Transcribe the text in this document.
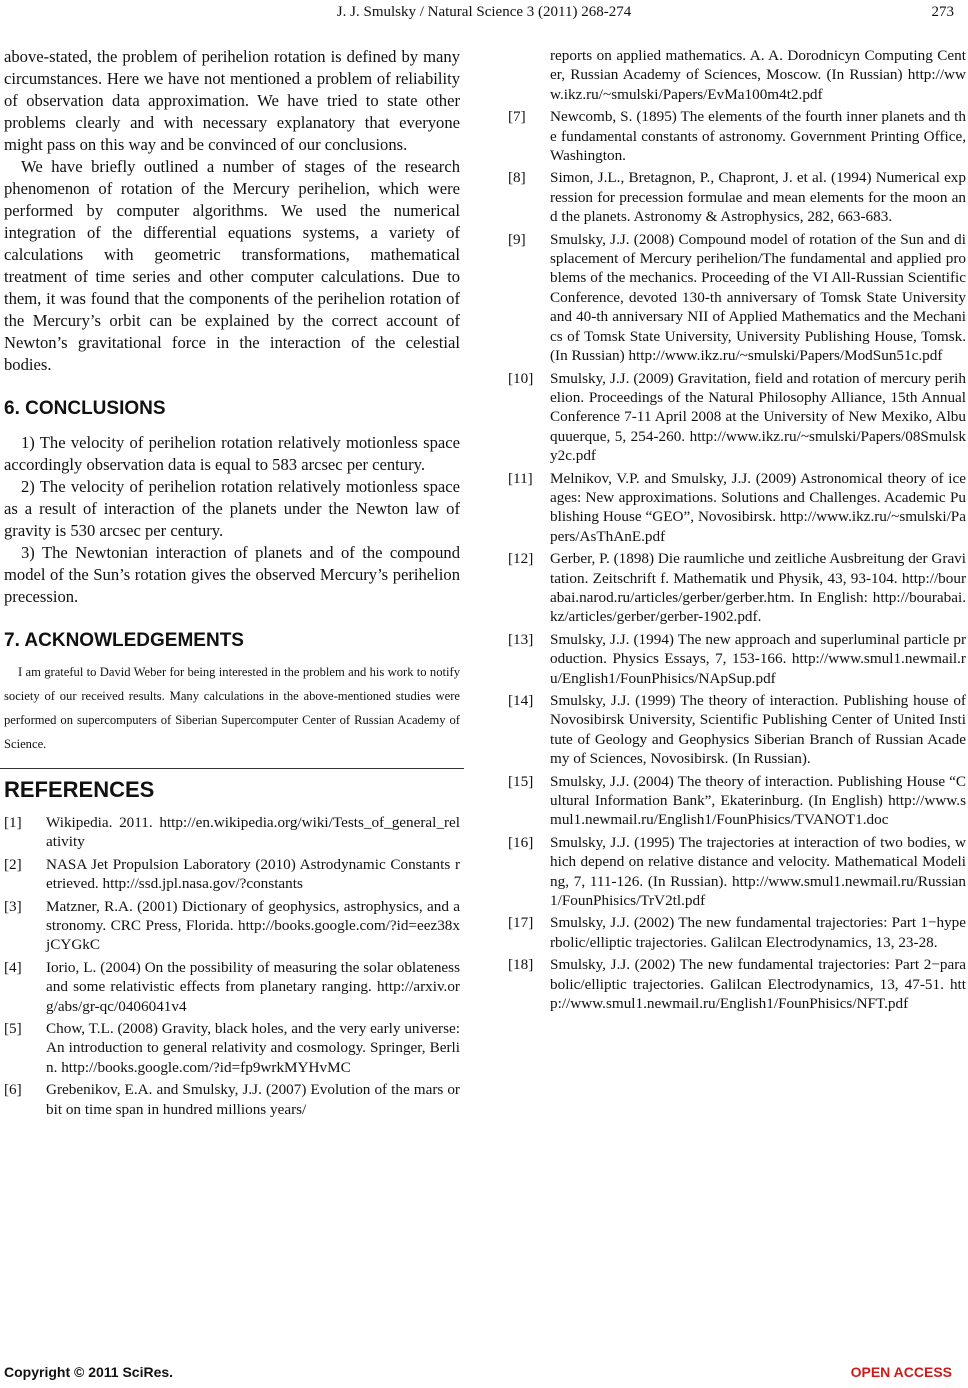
J. J. Smulsky / Natural Science 3 (2011) 268-274	273

above-stated, the problem of perihelion rotation is defined by many circumstances. Here we have not mentioned a problem of reliability of observation data approximation. We have tried to state other problems clearly and with necessary explanatory that everyone might pass on this way and be convinced of our conclusions.

We have briefly outlined a number of stages of the research phenomenon of rotation of the Mercury perihelion, which were performed by computer algorithms. We used the numerical integration of the differential equations systems, a variety of calculations with geometric transformations, mathematical treatment of time series and other computer calculations. Due to them, it was found that the components of the perihelion rotation of the Mercury’s orbit can be explained by the correct account of Newton’s gravitational force in the interaction of the celestial bodies.

6. CONCLUSIONS

1) The velocity of perihelion rotation relatively motionless space accordingly observation data is equal to 583 arcsec per century.

2) The velocity of perihelion rotation relatively motionless space as a result of interaction of the planets under the Newton law of gravity is 530 arcsec per century.

3) The Newtonian interaction of planets and of the compound model of the Sun’s rotation gives the observed Mercury’s perihelion precession.

7. ACKNOWLEDGEMENTS

I am grateful to David Weber for being interested in the problem and his work to notify society of our received results. Many calculations in the above-mentioned studies were performed on supercomputers of Siberian Supercomputer Center of Russian Academy of Science.

REFERENCES
[1]	Wikipedia. 2011. http://en.wikipedia.org/wiki/Tests_of_general_relativity
[2]	NASA Jet Propulsion Laboratory (2010) Astrodynamic Constants retrieved. http://ssd.jpl.nasa.gov/?constants
[3]	Matzner, R.A. (2001) Dictionary of geophysics, astrophysics, and astronomy. CRC Press, Florida. http://books.google.com/?id=eez38xjCYGkC
[4]	Iorio, L. (2004) On the possibility of measuring the solar oblateness and some relativistic effects from planetary ranging. http://arxiv.org/abs/gr-qc/0406041v4
[5]	Chow, T.L. (2008) Gravity, black holes, and the very early universe: An introduction to general relativity and cosmology. Springer, Berlin. http://books.google.com/?id=fp9wrkMYHvMC
[6]	Grebenikov, E.A. and Smulsky, J.J. (2007) Evolution of the mars orbit on time span in hundred millions years/
reports on applied mathematics. A. A. Dorodnicyn Computing Center, Russian Academy of Sciences, Moscow. (In Russian) http://www.ikz.ru/~smulski/Papers/EvMa100m4t2.pdf
[7]	Newcomb, S. (1895) The elements of the fourth inner planets and the fundamental constants of astronomy. Government Printing Office, Washington.
[8]	Simon, J.L., Bretagnon, P., Chapront, J. et al. (1994) Numerical expression for precession formulae and mean elements for the moon and the planets. Astronomy & Astrophysics, 282, 663-683.
[9]	Smulsky, J.J. (2008) Compound model of rotation of the Sun and displacement of Mercury perihelion/The fundamental and applied problems of the mechanics. Proceeding of the VI All-Russian Scientific Conference, devoted 130-th anniversary of Tomsk State University and 40-th anniversary NII of Applied Mathematics and the Mechanics of Tomsk State University, University Publishing House, Tomsk. (In Russian) http://www.ikz.ru/~smulski/Papers/ModSun51c.pdf
[10]	Smulsky, J.J. (2009) Gravitation, field and rotation of mercury perihelion. Proceedings of the Natural Philosophy Alliance, 15th Annual Conference 7-11 April 2008 at the University of New Mexiko, Albuquuerque, 5, 254-260. http://www.ikz.ru/~smulski/Papers/08Smulsky2c.pdf
[11]	Melnikov, V.P. and Smulsky, J.J. (2009) Astronomical theory of ice ages: New approximations. Solutions and Challenges. Academic Publishing House “GEO”, Novosibirsk. http://www.ikz.ru/~smulski/Papers/AsThAnE.pdf
[12]	Gerber, P. (1898) Die raumliche und zeitliche Ausbreitung der Gravitation. Zeitschrift f. Mathematik und Physik, 43, 93-104. http://bourabai.narod.ru/articles/gerber/gerber.htm. In English: http://bourabai.kz/articles/gerber/gerber-1902.pdf.
[13]	Smulsky, J.J. (1994) The new approach and superluminal particle production. Physics Essays, 7, 153-166. http://www.smul1.newmail.ru/English1/FounPhisics/NApSup.pdf
[14]	Smulsky, J.J. (1999) The theory of interaction. Publishing house of Novosibirsk University, Scientific Publishing Center of United Institute of Geology and Geophysics Siberian Branch of Russian Academy of Sciences, Novosibirsk. (In Russian).
[15]	Smulsky, J.J. (2004) The theory of interaction. Publishing House “Cultural Information Bank”, Ekaterinburg. (In English) http://www.smul1.newmail.ru/English1/FounPhisics/TVANOT1.doc
[16]	Smulsky, J.J. (1995) The trajectories at interaction of two bodies, which depend on relative distance and velocity. Mathematical Modeling, 7, 111-126. (In Russian). http://www.smul1.newmail.ru/Russian1/FounPhisics/TrV2tl.pdf
[17]	Smulsky, J.J. (2002) The new fundamental trajectories: Part 1−hyperbolic/elliptic trajectories. Galilcan Electrodynamics, 13, 23-28.
[18]	Smulsky, J.J. (2002) The new fundamental trajectories: Part 2−parabolic/elliptic trajectories. Galilcan Electrodynamics, 13, 47-51. http://www.smul1.newmail.ru/English1/FounPhisics/NFT.pdf
Copyright © 2011 SciRes.	OPEN ACCESS
